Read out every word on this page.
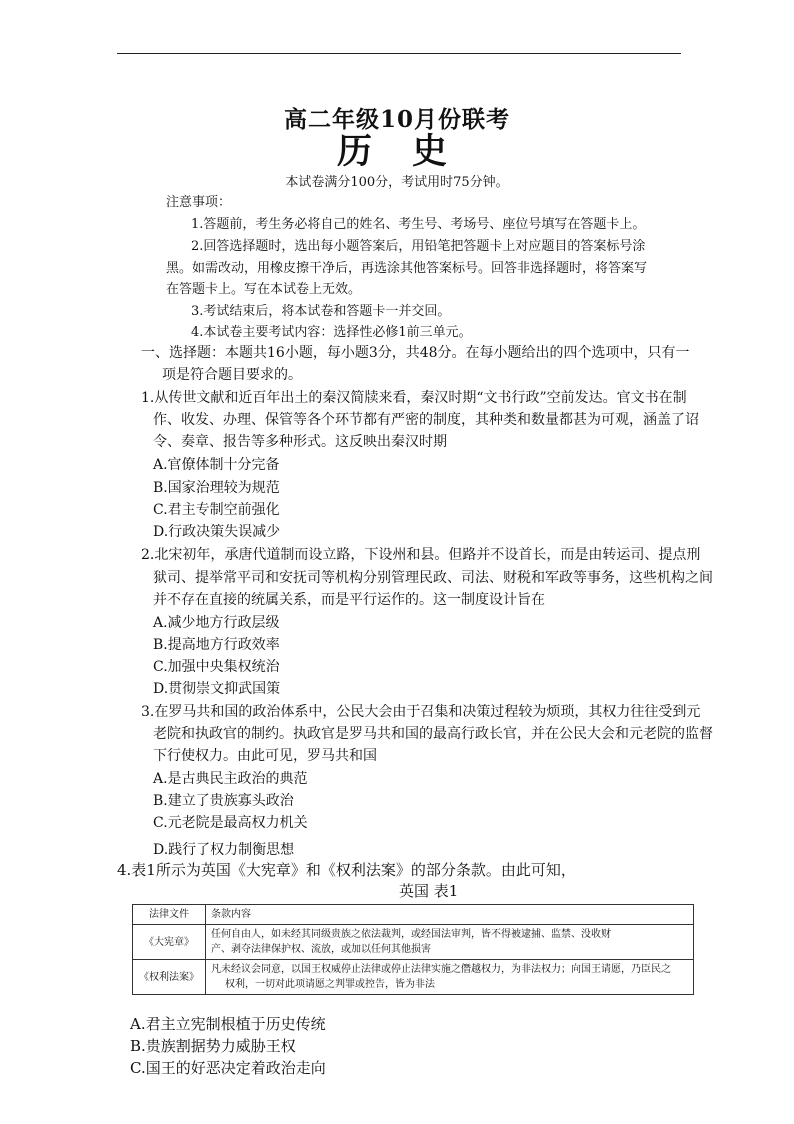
高二年级10月份联考
历史
本试卷满分100分，考试用时75分钟。
注意事项：
1.答题前，考生务必将自己的姓名、考生号、考场号、座位号填写在答题卡上。
2.回答选择题时，选出每小题答案后，用铅笔把答题卡上对应题目的答案标号涂
黑。如需改动，用橡皮擦干净后，再选涂其他答案标号。回答非选择题时，将答案写
在答题卡上。写在本试卷上无效。
3.考试结束后，将本试卷和答题卡一并交回。
4.本试卷主要考试内容：选择性必修1前三单元。
一、选择题：本题共16小题，每小题3分，共48分。在每小题给出的四个选项中，只有一
项是符合题目要求的。
1.从传世文献和近百年出土的秦汉简牍来看，秦汉时期“文书行政”空前发达。官文书在制
作、收发、办理、保管等各个环节都有严密的制度，其种类和数量都甚为可观，涵盖了诏
令、奏章、报告等多种形式。这反映出秦汉时期
A.官僚体制十分完备
B.国家治理较为规范
C.君主专制空前强化
D.行政决策失误减少
2.北宋初年，承唐代道制而设立路，下设州和县。但路并不设首长，而是由转运司、提点刑
狱司、提举常平司和安抚司等机构分别管理民政、司法、财税和军政等事务，这些机构之间
并不存在直接的统属关系，而是平行运作的。这一制度设计旨在
A.减少地方行政层级
B.提高地方行政效率
C.加强中央集权统治
D.贯彻崇文抑武国策
3.在罗马共和国的政治体系中，公民大会由于召集和决策过程较为烦琐，其权力往往受到元
老院和执政官的制约。执政官是罗马共和国的最高行政长官，并在公民大会和元老院的监督
下行使权力。由此可见，罗马共和国
A.是古典民主政治的典范
B.建立了贵族寡头政治
C.元老院是最高权力机关
D.践行了权力制衡思想
4.表1所示为英国《大宪章》和《权利法案》的部分条款。由此可知，
英国 表1
法律文件	条款内容
《大宪章》	任何自由人，如未经其同级贵族之依法裁判，或经国法审判，皆不得被逮捕、监禁、没收财
产、剥夺法律保护权、流放，或加以任何其他损害

《权利法案》	凡未经议会同意，以国王权威停止法律或停止法律实施之僭越权力，为非法权力；向国王请愿，乃臣民之
权利，一切对此项请愿之判罪或控告，皆为非法
A.君主立宪制根植于历史传统
B.贵族割据势力威胁王权
C.国王的好恶决定着政治走向
